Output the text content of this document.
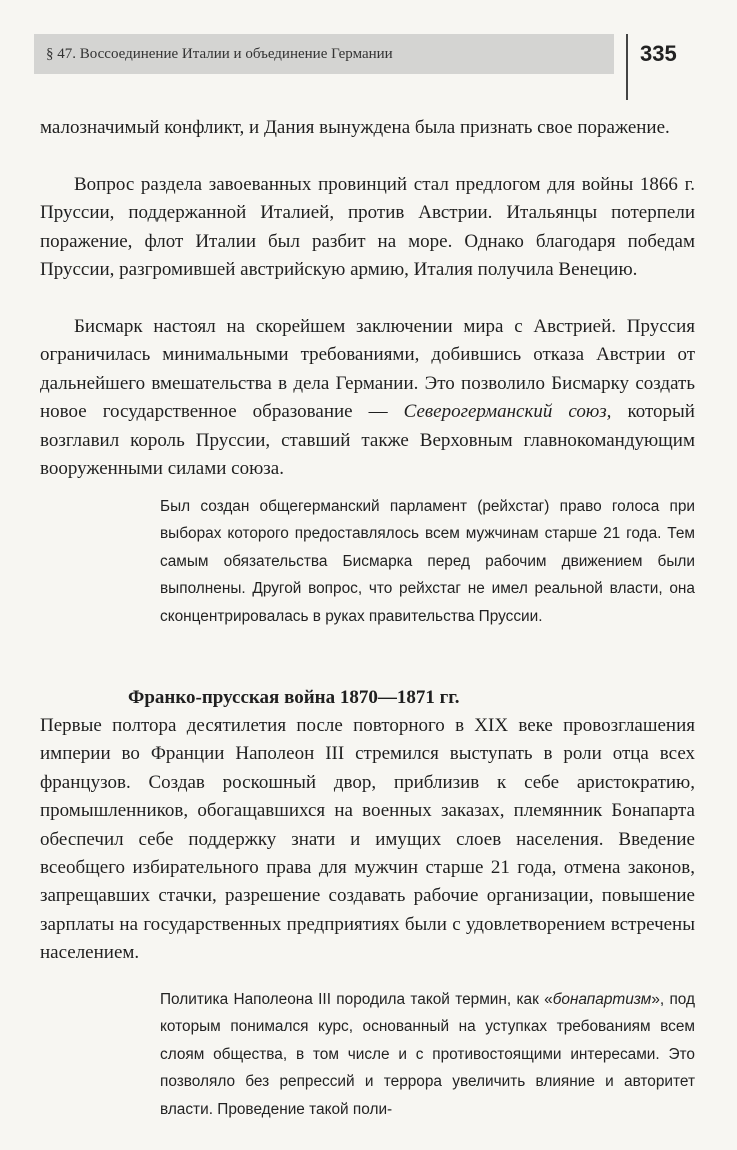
§ 47. Воссоединение Италии и объединение Германии	335

малозначимый конфликт, и Дания вынуждена была признать свое поражение.

Вопрос раздела завоеванных провинций стал предлогом для войны 1866 г. Пруссии, поддержанной Италией, против Австрии. Итальянцы потерпели поражение, флот Италии был разбит на море. Однако благодаря победам Пруссии, разгромившей австрийскую армию, Италия получила Венецию.

Бисмарк настоял на скорейшем заключении мира с Австрией. Пруссия ограничилась минимальными требованиями, добившись отказа Австрии от дальнейшего вмешательства в дела Германии. Это позволило Бисмарку создать новое государственное образование — Северогерманский союз, который возглавил король Пруссии, ставший также Верховным главнокомандующим вооруженными силами союза.

Был создан общегерманский парламент (рейхстаг) право голоса при выборах которого предоставлялось всем мужчинам старше 21 года. Тем самым обязательства Бисмарка перед рабочим движением были выполнены. Другой вопрос, что рейхстаг не имел реальной власти, она сконцентрировалась в руках правительства Пруссии.

Франко-прусская война 1870—1871 гг.

Первые полтора десятилетия после повторного в XIX веке провозглашения империи во Франции Наполеон III стремился выступать в роли отца всех французов. Создав роскошный двор, приблизив к себе аристократию, промышленников, обогащавшихся на военных заказах, племянник Бонапарта обеспечил себе поддержку знати и имущих слоев населения. Введение всеобщего избирательного права для мужчин старше 21 года, отмена законов, запрещавших стачки, разрешение создавать рабочие организации, повышение зарплаты на государственных предприятиях были с удовлетворением встречены населением.

Политика Наполеона III породила такой термин, как «бонапартизм», под которым понимался курс, основанный на уступках требованиям всем слоям общества, в том числе и с противостоящими интересами. Это позволяло без репрессий и террора увеличить влияние и авторитет власти. Проведение такой поли-
